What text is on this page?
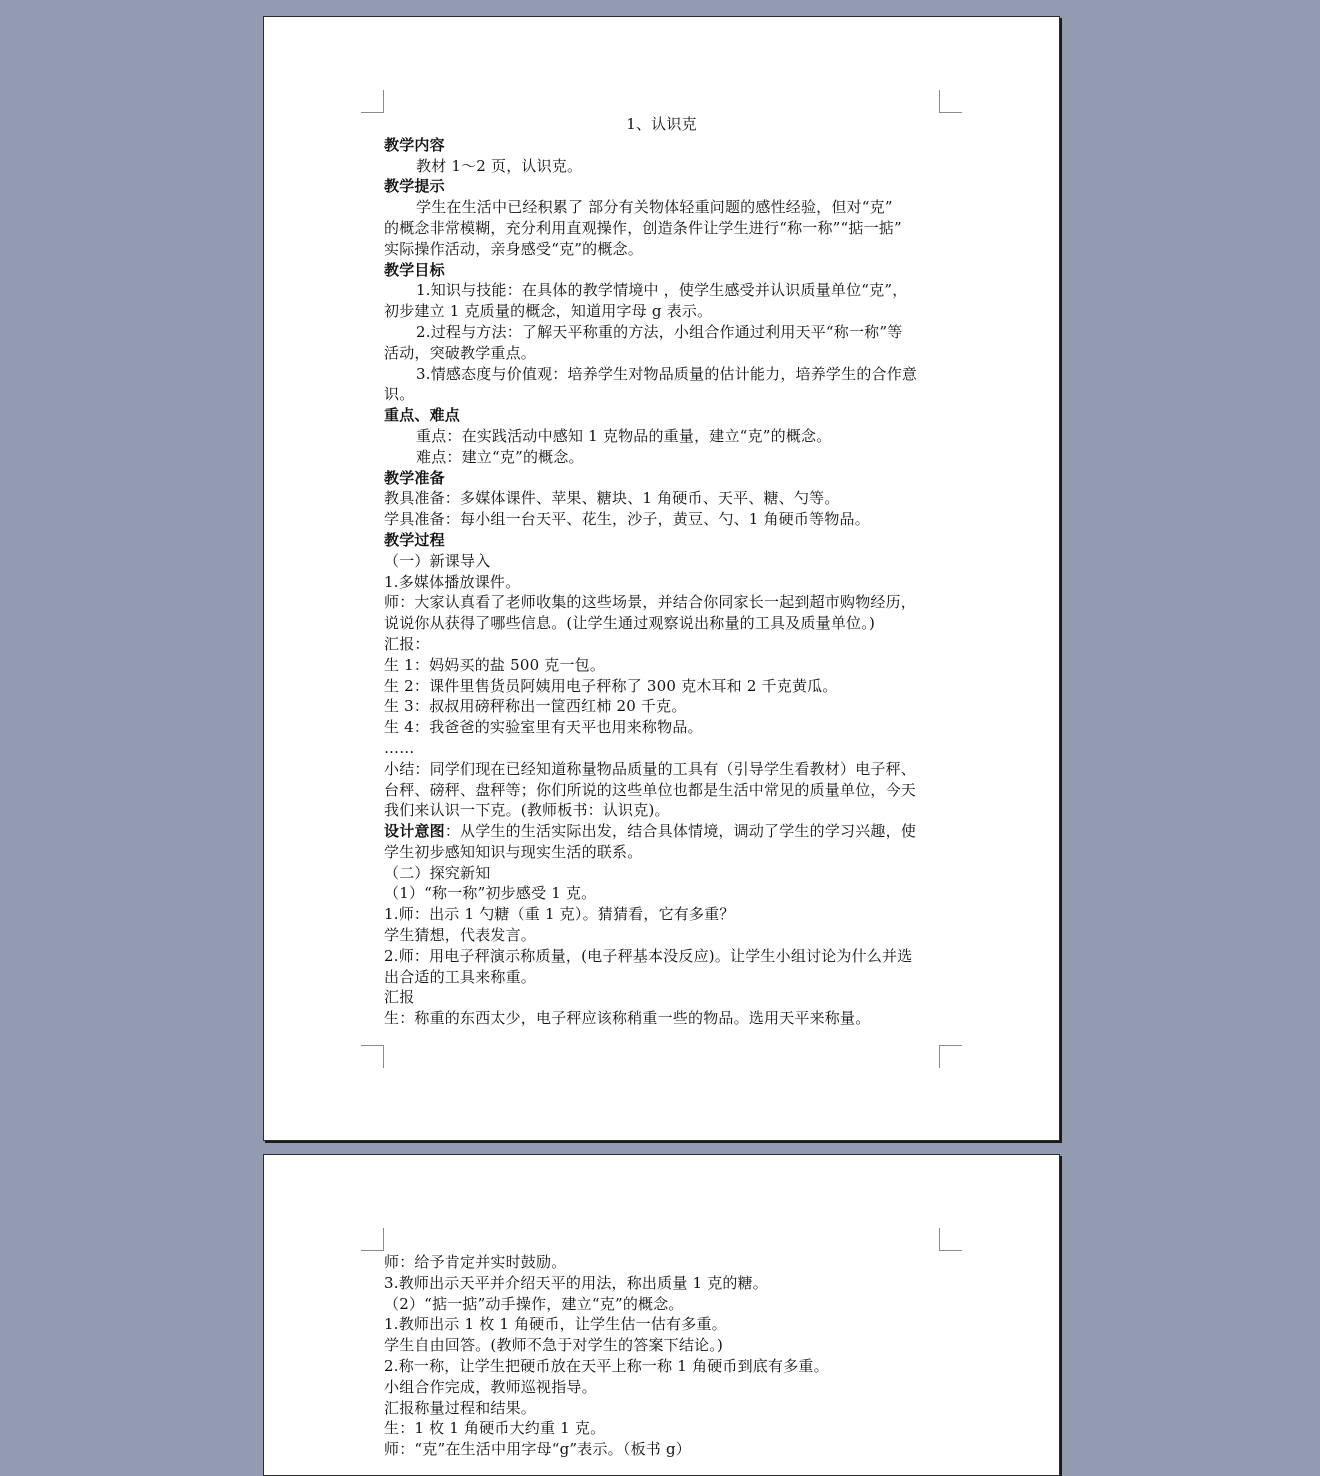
1、认识克
教学内容
教材 1～2 页，认识克。
教学提示
学生在生活中已经积累了 部分有关物体轻重问题的感性经验，但对“克”
的概念非常模糊，充分利用直观操作，创造条件让学生进行“称一称”“掂一掂”
实际操作活动，亲身感受“克”的概念。
教学目标
1.知识与技能：在具体的教学情境中 ，使学生感受并认识质量单位“克”，
初步建立 1 克质量的概念，知道用字母 g 表示。
2.过程与方法：了解天平称重的方法，小组合作通过利用天平“称一称”等
活动，突破教学重点。
3.情感态度与价值观：培养学生对物品质量的估计能力，培养学生的合作意
识。
重点、难点
重点：在实践活动中感知 1 克物品的重量，建立“克”的概念。
难点：建立“克”的概念。
教学准备
教具准备：多媒体课件、苹果、糖块、1 角硬币、天平、糖、勺等。
学具准备：每小组一台天平、花生，沙子，黄豆、勺、1 角硬币等物品。
教学过程
（一）新课导入
1.多媒体播放课件。
师：大家认真看了老师收集的这些场景，并结合你同家长一起到超市购物经历，
说说你从获得了哪些信息。(让学生通过观察说出称量的工具及质量单位。)
汇报：
生 1：妈妈买的盐 500 克一包。
生 2：课件里售货员阿姨用电子秤称了 300 克木耳和 2 千克黄瓜。
生 3：叔叔用磅秤称出一筐西红柿 20 千克。
生 4：我爸爸的实验室里有天平也用来称物品。
……
小结：同学们现在已经知道称量物品质量的工具有（引导学生看教材）电子秤、
台秤、磅秤、盘秤等；你们所说的这些单位也都是生活中常见的质量单位，今天
我们来认识一下克。(教师板书：认识克)。
设计意图：从学生的生活实际出发，结合具体情境，调动了学生的学习兴趣，使
学生初步感知知识与现实生活的联系。
（二）探究新知
（1）“称一称”初步感受 1 克。
1.师：出示 1 勺糖（重 1 克）。猜猜看，它有多重？
学生猜想，代表发言。
2.师：用电子秤演示称质量，(电子秤基本没反应)。让学生小组讨论为什么并选
出合适的工具来称重。
汇报
生：称重的东西太少，电子秤应该称稍重一些的物品。选用天平来称量。
师：给予肯定并实时鼓励。
3.教师出示天平并介绍天平的用法，称出质量 1 克的糖。
（2）“掂一掂”动手操作，建立“克”的概念。
1.教师出示 1 枚 1 角硬币，让学生估一估有多重。
学生自由回答。(教师不急于对学生的答案下结论。)
2.称一称，让学生把硬币放在天平上称一称 1 角硬币到底有多重。
小组合作完成，教师巡视指导。
汇报称量过程和结果。
生：1 枚 1 角硬币大约重 1 克。
师：“克”在生活中用字母“g”表示。（板书 g）
